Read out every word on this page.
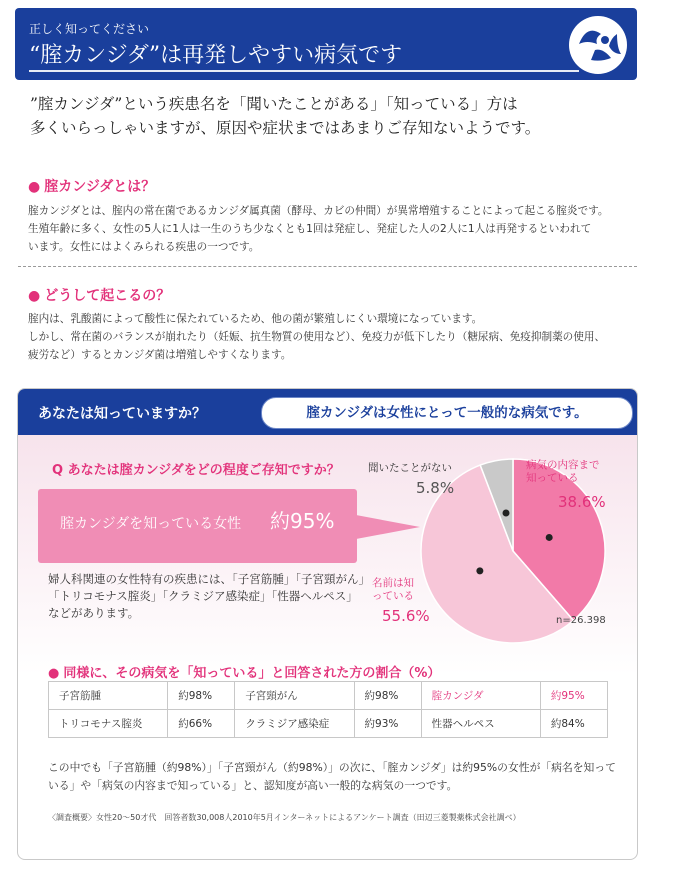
正しく知ってください
“腟カンジダ”は再発しやすい病気です
”腟カンジダ”という疾患名を「聞いたことがある」「知っている」方は
多くいらっしゃいますが、原因や症状まではあまりご存知ないようです。
● 腟カンジダとは？
腟カンジダとは、腟内の常在菌であるカンジダ属真菌（酵母、カビの仲間）が異常増殖することによって起こる腟炎です。
生殖年齢に多く、女性の5人に1人は一生のうち少なくとも1回は発症し、発症した人の2人に1人は再発するといわれて
います。女性にはよくみられる疾患の一つです。
● どうして起こるの？
腟内は、乳酸菌によって酸性に保たれているため、他の菌が繁殖しにくい環境になっています。
しかし、常在菌のバランスが崩れたり（妊娠、抗生物質の使用など）、免疫力が低下したり（糖尿病、免疫抑制薬の使用、
疲労など）するとカンジダ菌は増殖しやすくなります。
あなたは知っていますか？	腟カンジダは女性にとって一般的な病気です。
Q あなたは腟カンジダをどの程度ご存知ですか？
腟カンジダを知っている女性 約95%
婦人科関連の女性特有の疾患には、「子宮筋腫」「子宮頸がん」
「トリコモナス腟炎」「クラミジア感染症」「性器ヘルペス」
などがあります。
聞いたことがない
5.8%
病気の内容まで知っている
38.6%
名前は知っている
55.6%	n=26.398
● 同様に、その病気を「知っている」と回答された方の割合（%）
子宮筋腫	約98%	子宮頸がん	約98%	腟カンジダ	約95%
トリコモナス腟炎	約66%	クラミジア感染症	約93%	性器ヘルペス	約84%
この中でも「子宮筋腫（約98%）」「子宮頸がん（約98%）」の次に、「腟カンジダ」は約95%の女性が「病名を知って
いる」や「病気の内容まで知っている」と、認知度が高い一般的な病気の一つです。
〈調査概要〉女性20～50才代　回答者数30,008人2010年5月インターネットによるアンケート調査（田辺三菱製薬株式会社調べ）
